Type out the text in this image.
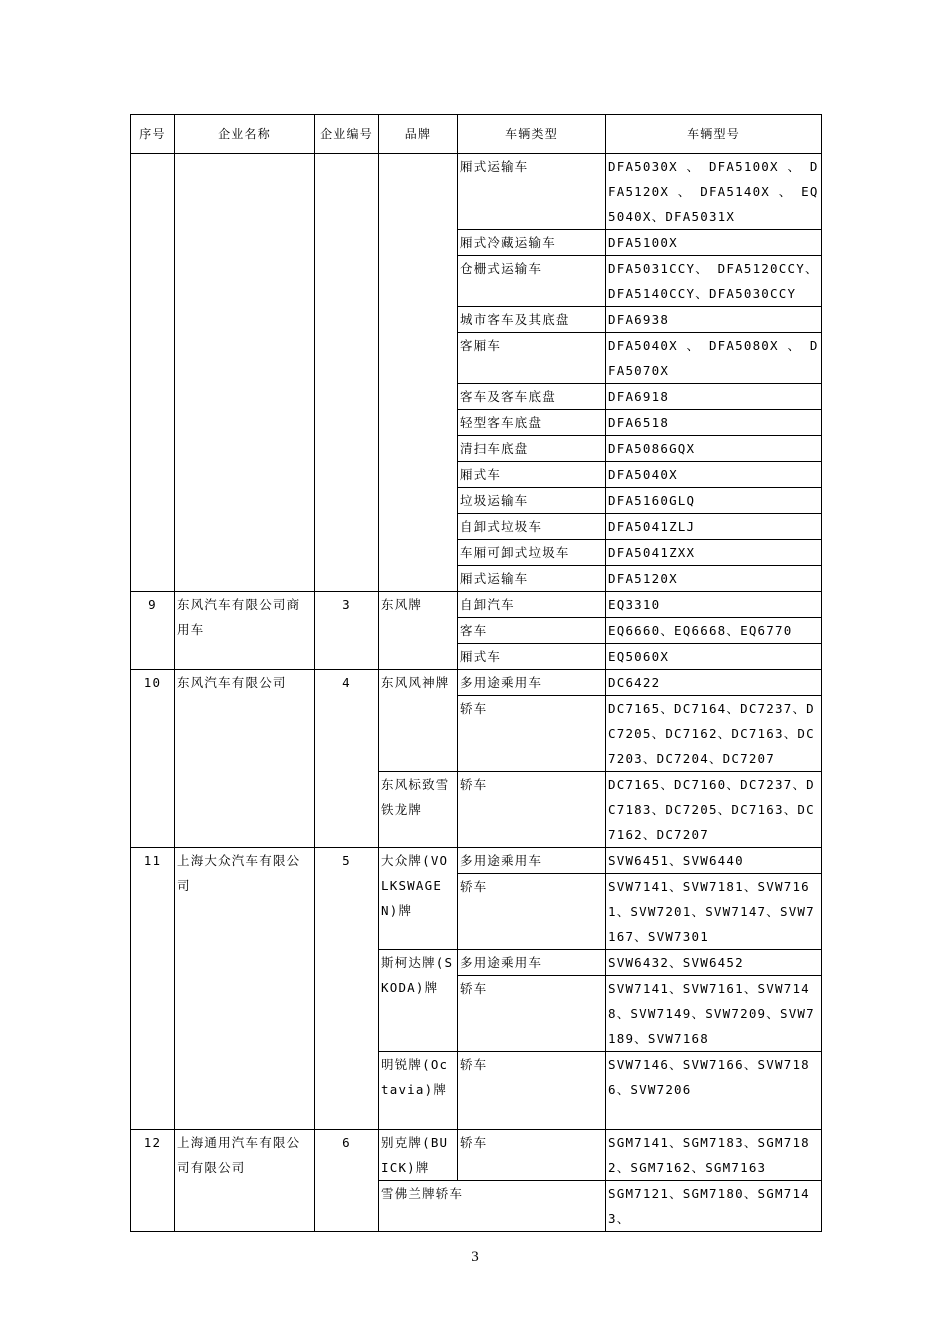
序号	企业名称	企业编号	品牌	车辆类型	车辆型号
				厢式运输车	DFA5030X 、 DFA5100X 、 DFA5120X 、 DFA5140X 、 EQ5040X、DFA5031X
				厢式冷藏运输车	DFA5100X
				仓栅式运输车	DFA5031CCY、 DFA5120CCY、DFA5140CCY、DFA5030CCY
				城市客车及其底盘	DFA6938
				客厢车	DFA5040X 、 DFA5080X 、 DFA5070X
				客车及客车底盘	DFA6918
				轻型客车底盘	DFA6518
				清扫车底盘	DFA5086GQX
				厢式车	DFA5040X
				垃圾运输车	DFA5160GLQ
				自卸式垃圾车	DFA5041ZLJ
				车厢可卸式垃圾车	DFA5041ZXX
				厢式运输车	DFA5120X
9	东风汽车有限公司商用车	3	东风牌	自卸汽车	EQ3310
				客车	EQ6660、EQ6668、EQ6770
				厢式车	EQ5060X
10	东风汽车有限公司	4	东风风神牌	多用途乘用车	DC6422
				轿车	DC7165、DC7164、DC7237、DC7205、DC7162、DC7163、DC7203、DC7204、DC7207
			东风标致雪铁龙牌	轿车	DC7165、DC7160、DC7237、DC7183、DC7205、DC7163、DC7162、DC7207
11	上海大众汽车有限公司	5	大众牌(VOLKSWAGEN)牌	多用途乘用车	SVW6451、SVW6440
				轿车	SVW7141、SVW7181、SVW7161、SVW7201、SVW7147、SVW7167、SVW7301
			斯柯达牌(SKODA)牌	多用途乘用车	SVW6432、SVW6452
				轿车	SVW7141、SVW7161、SVW7148、SVW7149、SVW7209、SVW7189、SVW7168
			明锐牌(Octavia)牌	轿车	SVW7146、SVW7166、SVW7186、SVW7206
12	上海通用汽车有限公司有限公司	6	别克牌(BUICK)牌	轿车	SGM7141、SGM7183、SGM7182、SGM7162、SGM7163
			雪佛兰牌轿车		SGM7121、SGM7180、SGM7143、
3
